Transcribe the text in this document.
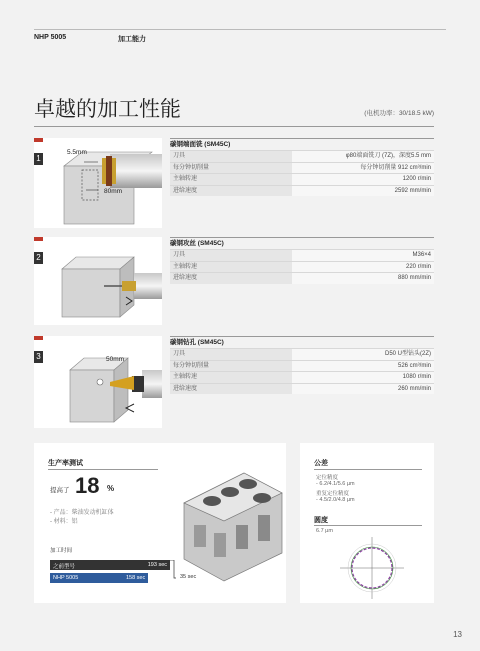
NHP 5005	加工能力
卓越的加工性能	(电机功率：30/18.5 kW)
1
5.5mm
80mm
碳钢端面铣 (SM45C)
刀具	φ80端面铣刀 (7Z)，深度5.5 mm
每分钟切削量	每分钟切削量 912 cm³/min
主轴转速	1200 r/min
进给速度	2592 mm/min
2
碳钢攻丝 (SM45C)
刀具	M36×4
主轴转速	220 r/min
进给速度	880 mm/min
3	50mm
碳钢钻孔 (SM45C)
刀具	D50 U型钻头(2Z)
每分钟切削量	526 cm³/min
主轴转速	1080 r/min
进给速度	260 mm/min
生产率测试
提高了 18 %
- 产品：柴油发动机缸体
- 材料：铝
加工时间
之前型号	193 sec
NHP 5005	158 sec	35 sec
公差
定位精度
- 6.2/4.1/5.6 µm
重复定位精度
- 4.5/2.0/4.8 µm
圆度
6.7 µm
13
